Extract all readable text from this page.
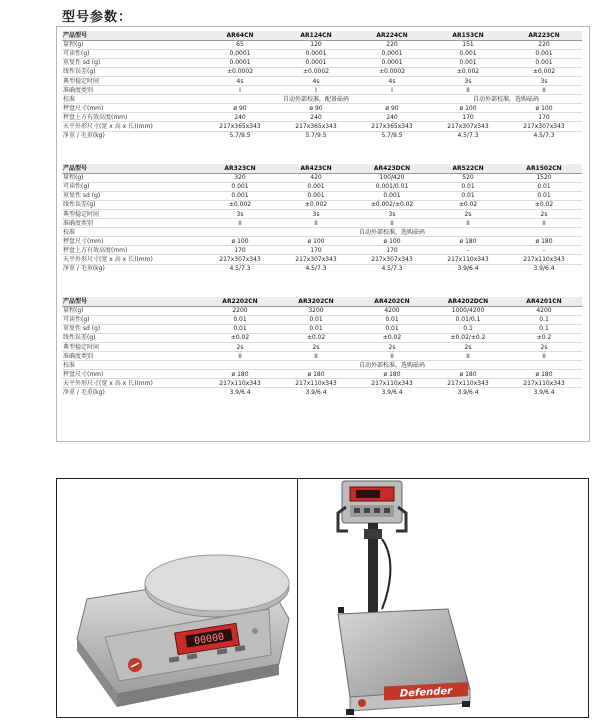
型号参数：
产品型号	AR64CN	AR124CN	AR224CN	AR153CN	AR223CN
量程(g)	65	120	220	151	220
可读性(g)	0.0001	0.0001	0.0001	0.001	0.001
重复性 sd (g)	0.0001	0.0001	0.0001	0.001	0.001
线性误差(g)	±0.0002	±0.0002	±0.0002	±0.002	±0.002
典型稳定时间	4s	4s	4s	3s	3s
准确度类别	I	I	I	II	II
校准	自动外部校准，配备砝码			自动外部校准，选购砝码	
秤盘尺寸(mm)	ø 90	ø 90	ø 90	ø 100	ø 100
秤盘上方有效高度(mm)	240	240	240	170	170
天平外形尺寸(宽 x 高 x 长)(mm)	217x365x343	217x365x343	217x365x343	217x307x343	217x307x343
净重 / 毛重(kg)	5.7/9.5	5.7/9.5	5.7/9.5	4.5/7.3	4.5/7.3
产品型号	AR323CN	AR423CN	AR423DCN	AR522CN	AR1502CN
量程(g)	320	420	100/420	520	1520
可读性(g)	0.001	0.001	0.001/0.01	0.01	0.01
重复性 sd (g)	0.001	0.001	0.001	0.01	0.01
线性误差(g)	±0.002	±0.002	±0.002/±0.02	±0.02	±0.02
典型稳定时间	3s	3s	3s	2s	2s
准确度类别	II	II	II	II	II
校准	自动外部校准，选购砝码				
秤盘尺寸(mm)	ø 100	ø 100	ø 100	ø 180	ø 180
秤盘上方有效高度(mm)	170	170	170	-	-
天平外形尺寸(宽 x 高 x 长)(mm)	217x307x343	217x307x343	217x307x343	217x110x343	217x110x343
净重 / 毛重(kg)	4.5/7.3	4.5/7.3	4.5/7.3	3.9/6.4	3.9/6.4
产品型号	AR2202CN	AR3202CN	AR4202CN	AR4202DCN	AR4201CN
量程(g)	2200	3200	4200	1000/4200	4200
可读性(g)	0.01	0.01	0.01	0.01/0.1	0.1
重复性 sd (g)	0.01	0.01	0.01	0.1	0.1
线性误差(g)	±0.02	±0.02	±0.02	±0.02/±0.2	±0.2
典型稳定时间	2s	2s	2s	2s	2s
准确度类别	II	II	II	II	II
校准	自动外部校准，选购砝码				
秤盘尺寸(mm)	ø 180	ø 180	ø 180	ø 180	ø 180
天平外形尺寸(宽 x 高 x 长)(mm)	217x110x343	217x110x343	217x110x343	217x110x343	217x110x343
净重 / 毛重(kg)	3.9/6.4	3.9/6.4	3.9/6.4	3.9/6.4	3.9/6.4
00000
Defender
